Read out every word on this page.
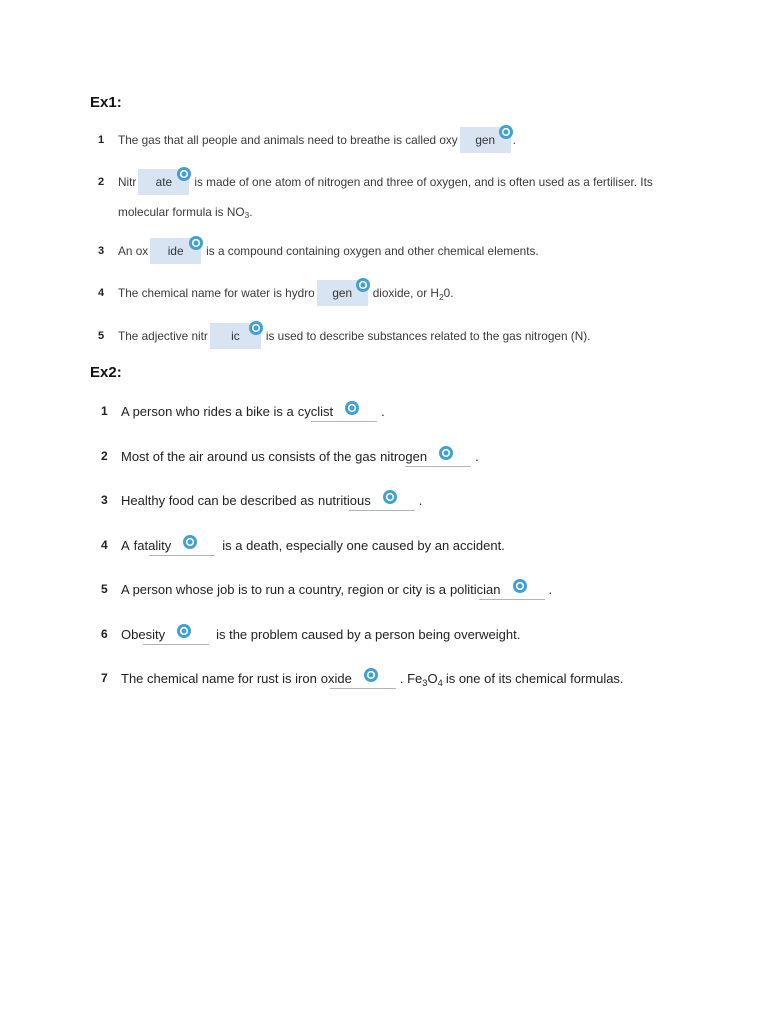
Ex1:
1 The gas that all people and animals need to breathe is called oxy gen .
2 Nitr ate is made of one atom of nitrogen and three of oxygen, and is often used as a fertiliser. Its
molecular formula is NO 3 .
3 An ox ide is a compound containing oxygen and other chemical elements.
4 The chemical name for water is hydro gen dioxide, or $H_20$.
5 The adjective nitr ic is used to describe substances related to the gas nitrogen (N).
Ex2:
1 A person who rides a bike is a cyclist	.
2 Most of the air around us consists of the gas nitrogen	.
3 Healthy food can be described as nutritious	.
4 A fatality	is a death, especially one caused by an accident.
5 A person whose job is to run a country, region or city is a politician	.
6 Obesity	is the problem caused by a person being overweight.
7 The chemical name for rust is iron oxide	. $Fe_3O_4$ is one of its chemical formulas.
